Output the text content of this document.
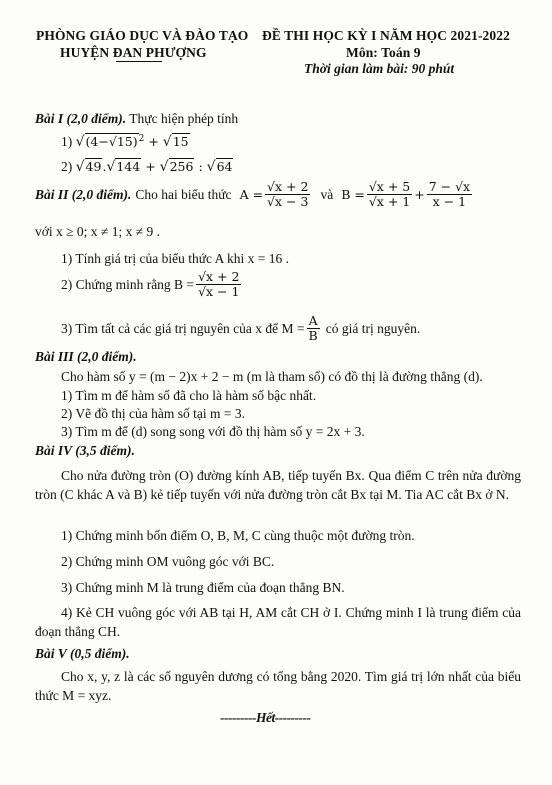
PHÒNG GIÁO DỤC VÀ ĐÀO TẠO
HUYỆN ĐAN PHƯỢNG
ĐỀ THI HỌC KỲ I NĂM HỌC 2021-2022
Môn: Toán 9
Thời gian làm bài: 90 phút
Bài I (2,0 điểm). Thực hiện phép tính
1) $√(4-√15)^2 + √15$
2) √49.√144 + √256 : √64
Bài II (2,0 điểm). Cho hai biểu thức $A = \frac{√x + 2}{√x - 3}$ và $B = \frac{√x + 5}{√x + 1} + \frac{7 - √x}{x - 1}$
với x ≥ 0; x ≠ 1; x ≠ 9 .
1) Tính giá trị của biểu thức A khi x = 16 .
2) Chứng minh rằng $B = \frac{√x + 2}{√x - 1}$
3) Tìm tất cả các giá trị nguyên của x để $M = \frac{A}{B}$ có giá trị nguyên.
Bài III (2,0 điểm).
Cho hàm số y = (m − 2)x + 2 − m (m là tham số) có đồ thị là đường thẳng (d).
1) Tìm m để hàm số đã cho là hàm số bậc nhất.
2) Vẽ đồ thị của hàm số tại m = 3.
3) Tìm m để (d) song song với đồ thị hàm số y = 2x + 3.
Bài IV (3,5 điểm).
Cho nửa đường tròn (O) đường kính AB, tiếp tuyến Bx. Qua điểm C trên nửa đường tròn (C khác A và B) kẻ tiếp tuyến với nửa đường tròn cắt Bx tại M. Tia AC cắt Bx ở N.
1) Chứng minh bốn điểm O, B, M, C cùng thuộc một đường tròn.
2) Chứng minh OM vuông góc với BC.
3) Chứng minh M là trung điểm của đoạn thẳng BN.
4) Kẻ CH vuông góc với AB tại H, AM cắt CH ở I. Chứng minh I là trung điểm của đoạn thẳng CH.
Bài V (0,5 điểm).
Cho x, y, z là các số nguyên dương có tổng bằng 2020. Tìm giá trị lớn nhất của biểu thức M = xyz.
---------Hết---------
